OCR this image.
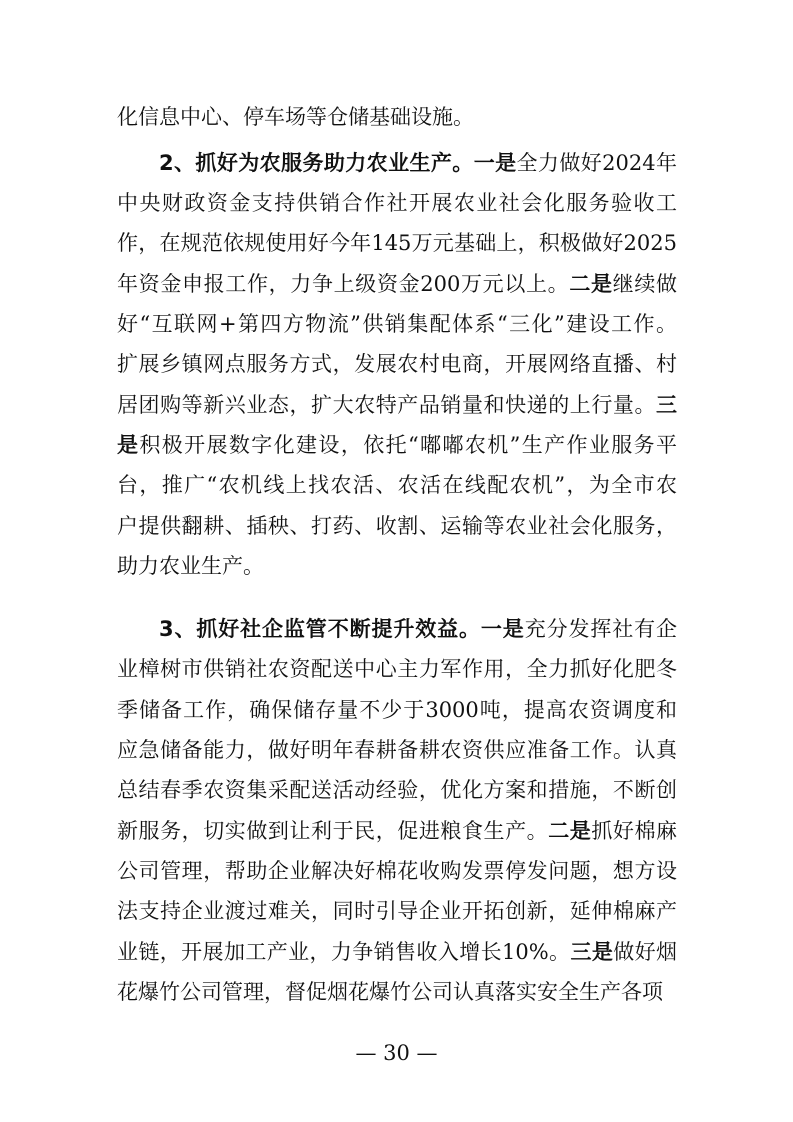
化信息中心、停车场等仓储基础设施。
2、抓好为农服务助力农业生产。一是全力做好2024年
中央财政资金支持供销合作社开展农业社会化服务验收工
作，在规范依规使用好今年145万元基础上，积极做好2025
年资金申报工作，力争上级资金200万元以上。二是继续做
好“互联网+第四方物流”供销集配体系“三化”建设工作。
扩展乡镇网点服务方式，发展农村电商，开展网络直播、村
居团购等新兴业态，扩大农特产品销量和快递的上行量。三
是积极开展数字化建设，依托“嘟嘟农机”生产作业服务平
台，推广“农机线上找农活、农活在线配农机”，为全市农
户提供翻耕、插秧、打药、收割、运输等农业社会化服务，
助力农业生产。
3、抓好社企监管不断提升效益。一是充分发挥社有企
业樟树市供销社农资配送中心主力军作用，全力抓好化肥冬
季储备工作，确保储存量不少于3000吨，提高农资调度和
应急储备能力，做好明年春耕备耕农资供应准备工作。认真
总结春季农资集采配送活动经验，优化方案和措施，不断创
新服务，切实做到让利于民，促进粮食生产。二是抓好棉麻
公司管理，帮助企业解决好棉花收购发票停发问题，想方设
法支持企业渡过难关，同时引导企业开拓创新，延伸棉麻产
业链，开展加工产业，力争销售收入增长10%。三是做好烟
花爆竹公司管理，督促烟花爆竹公司认真落实安全生产各项
— 30 —
